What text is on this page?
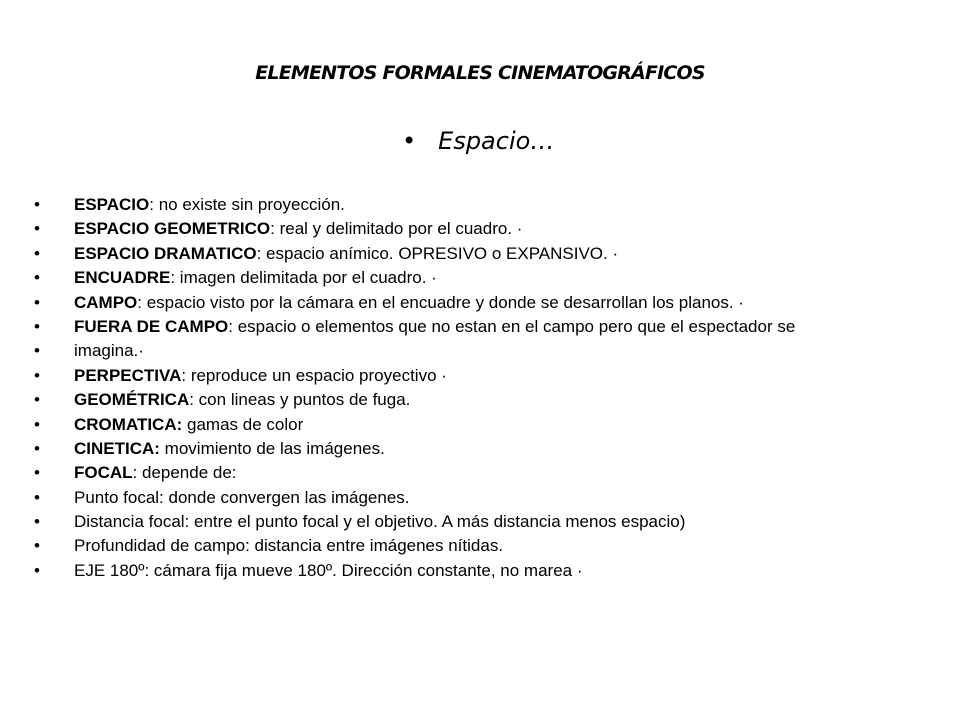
ELEMENTOS FORMALES CINEMATOGRÁFICOS
• Espacio…
• ESPACIO: no existe sin proyección.
• ESPACIO GEOMETRICO: real y delimitado por el cuadro. ·
• ESPACIO DRAMATICO: espacio anímico. OPRESIVO o EXPANSIVO. ·
• ENCUADRE: imagen delimitada por el cuadro. ·
• CAMPO: espacio visto por la cámara en el encuadre y donde se desarrollan los planos. ·
• FUERA DE CAMPO: espacio o elementos que no estan en el campo pero que el espectador se
• imagina.·
• PERPECTIVA: reproduce un espacio proyectivo ·
• GEOMÉTRICA: con lineas y puntos de fuga.
• CROMATICA: gamas de color
• CINETICA: movimiento de las imágenes.
• FOCAL: depende de:
• Punto focal: donde convergen las imágenes.
• Distancia focal: entre el punto focal y el objetivo. A más distancia menos espacio)
• Profundidad de campo: distancia entre imágenes nítidas.
• EJE 180º: cámara fija mueve 180º. Dirección constante, no marea ·
